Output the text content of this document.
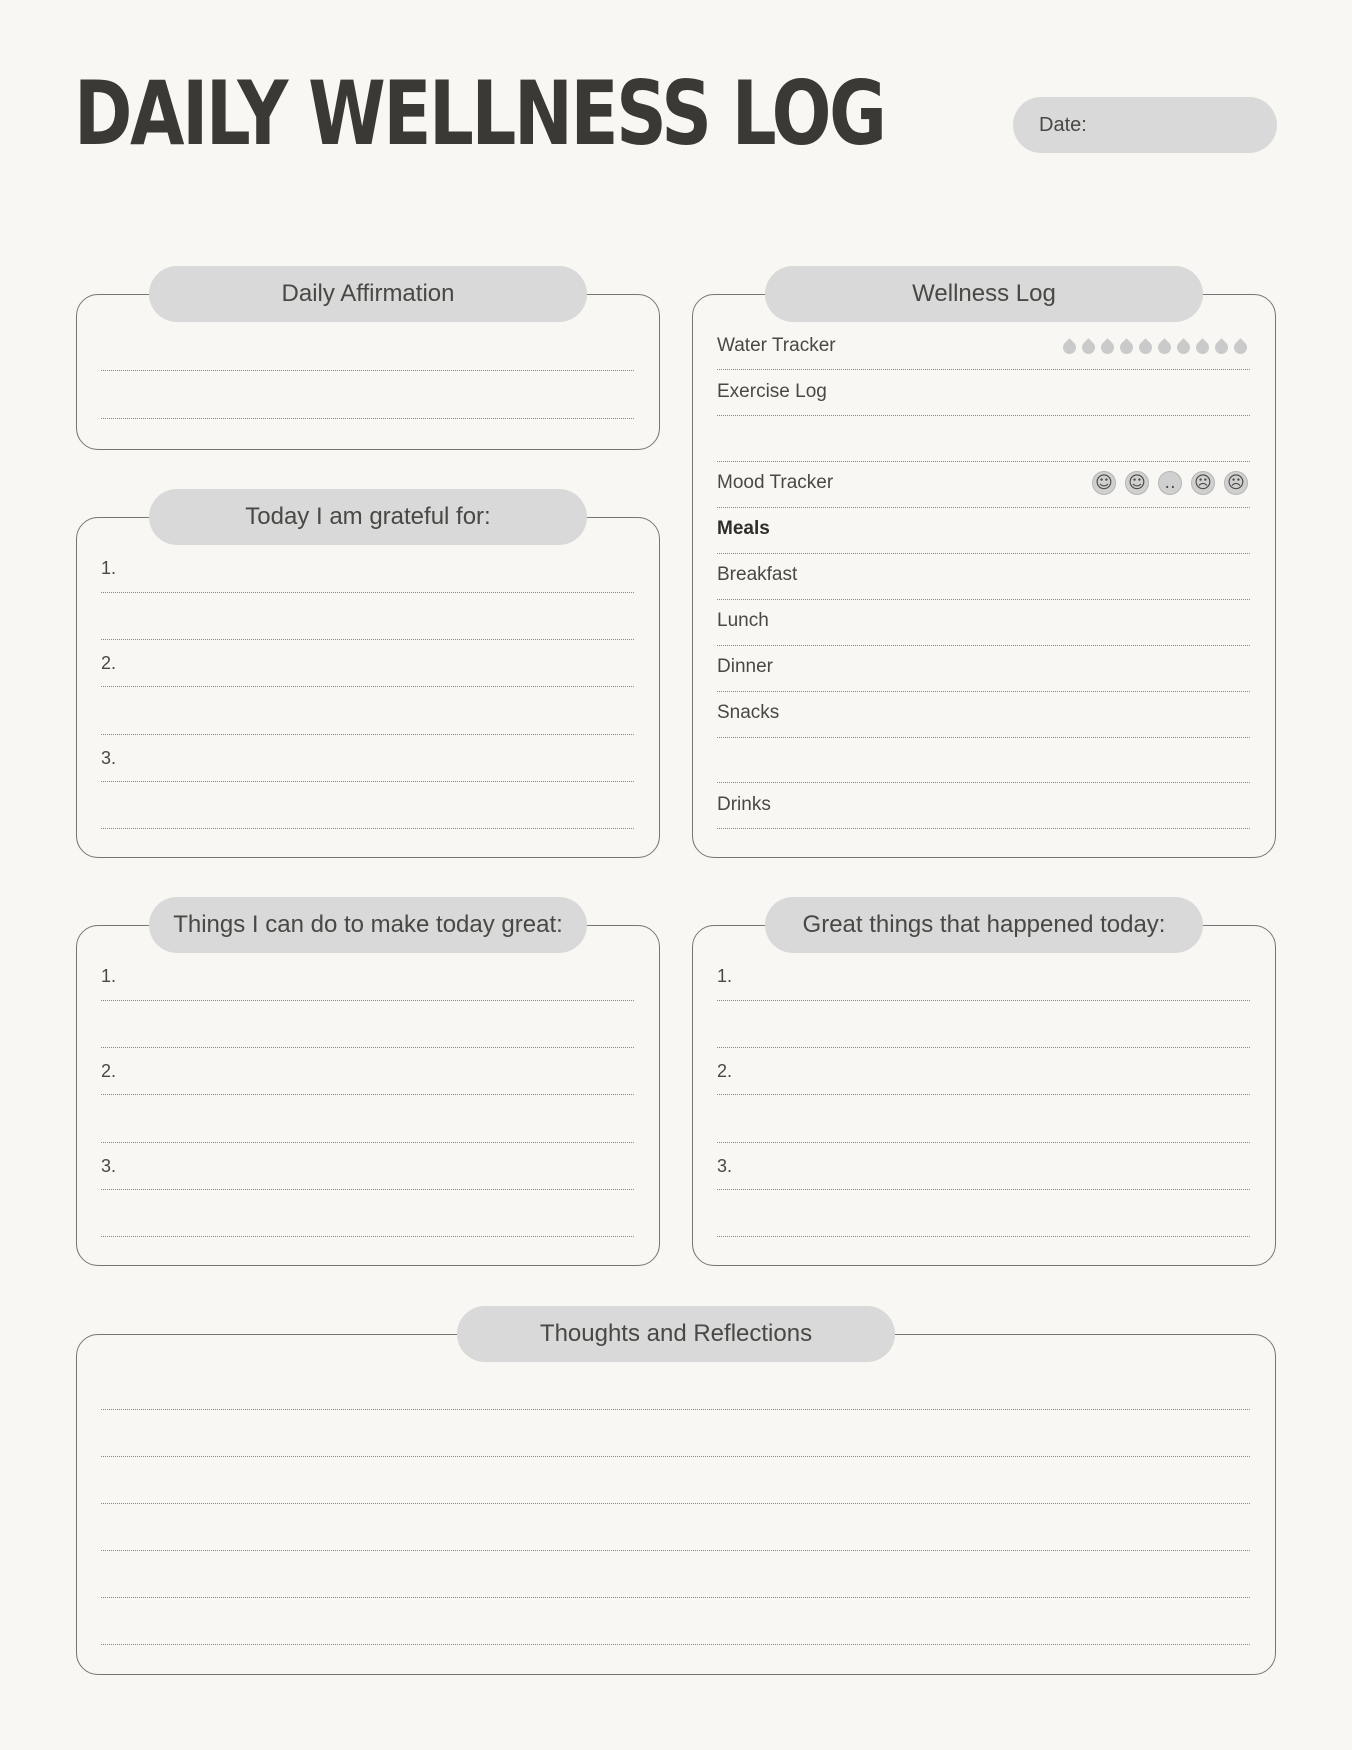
DAILY WELLNESS LOG	Date:
Daily Affirmation
Today I am grateful for:
1.
2.
3.
Wellness Log
Water Tracker
Exercise Log
Mood Tracker	☺ ☺	․․	☹ ☹
Meals
Breakfast
Lunch
Dinner
Snacks
Drinks
Things I can do to make today great:
1.
2.
3.
Great things that happened today:
1.
2.
3.
Thoughts and Reflections
